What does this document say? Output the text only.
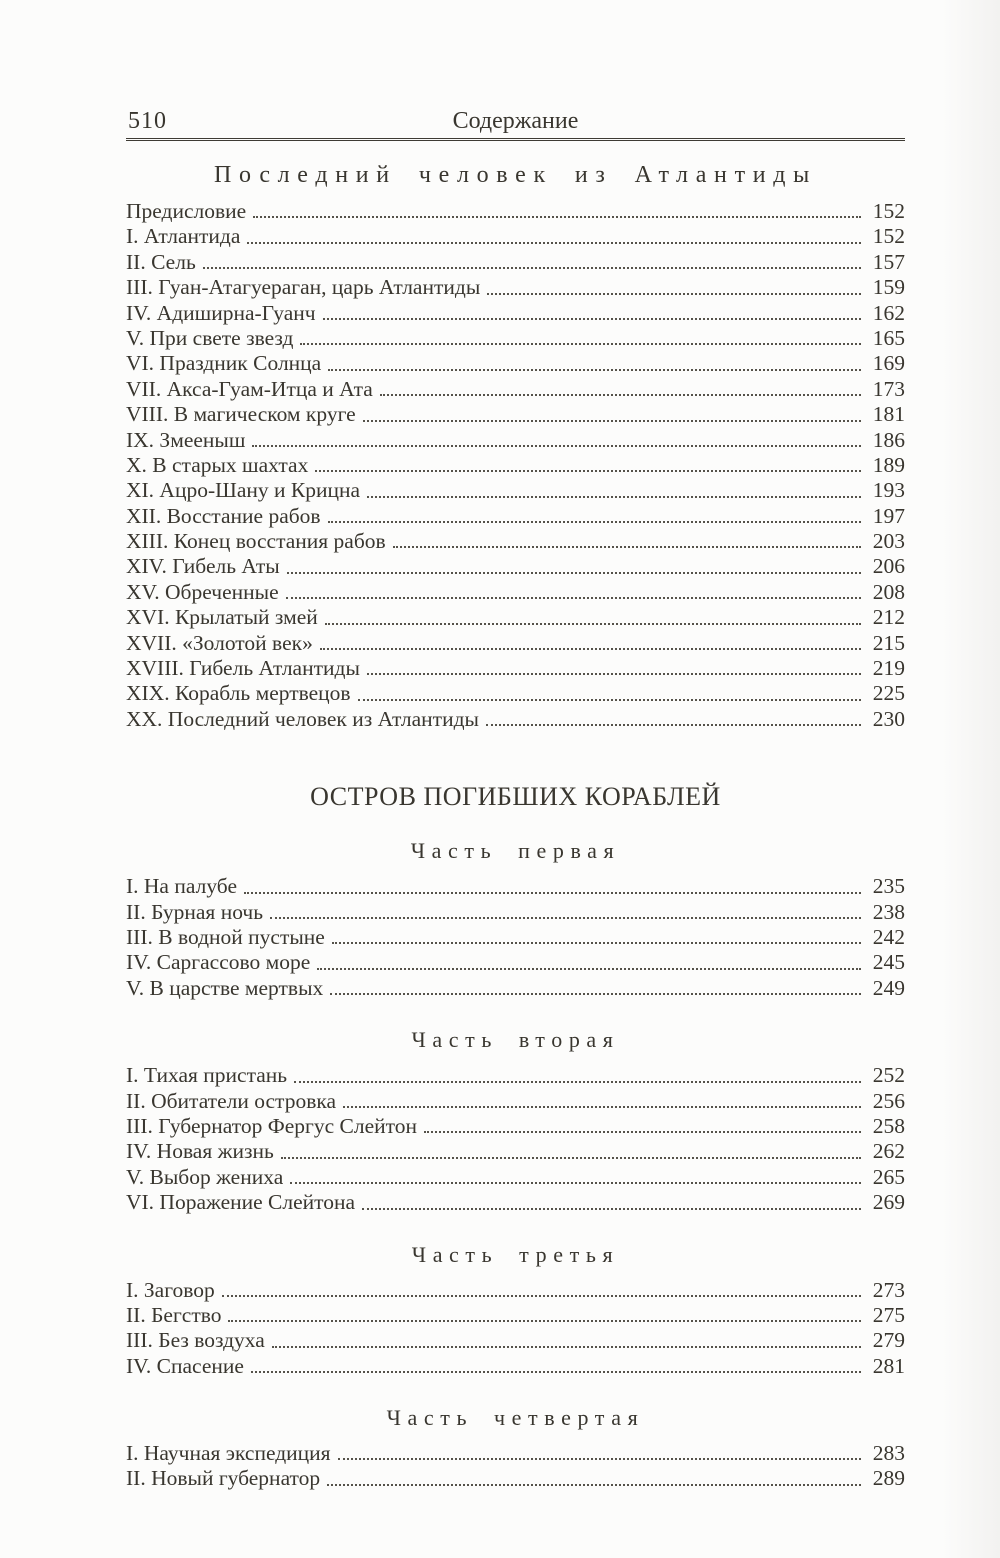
510	Содержание
Последний человек из Атлантиды
Предисловие	152
I. Атлантида	152
II. Сель	157
III. Гуан-Атагуераган, царь Атлантиды	159
IV. Адиширна-Гуанч	162
V. При свете звезд	165
VI. Праздник Солнца	169
VII. Акса-Гуам-Итца и Ата	173
VIII. В магическом круге	181
IX. Змееныш	186
X. В старых шахтах	189
XI. Ацро-Шану и Крицна	193
XII. Восстание рабов	197
XIII. Конец восстания рабов	203
XIV. Гибель Аты	206
XV. Обреченные	208
XVI. Крылатый змей	212
XVII. «Золотой век»	215
XVIII. Гибель Атлантиды	219
XIX. Корабль мертвецов	225
XX. Последний человек из Атлантиды	230
ОСТРОВ ПОГИБШИХ КОРАБЛЕЙ
Часть первая
I. На палубе	235
II. Бурная ночь	238
III. В водной пустыне	242
IV. Саргассово море	245
V. В царстве мертвых	249
Часть вторая
I. Тихая пристань	252
II. Обитатели островка	256
III. Губернатор Фергус Слейтон	258
IV. Новая жизнь	262
V. Выбор жениха	265
VI. Поражение Слейтона	269
Часть третья
I. Заговор	273
II. Бегство	275
III. Без воздуха	279
IV. Спасение	281
Часть четвертая
I. Научная экспедиция	283
II. Новый губернатор	289
